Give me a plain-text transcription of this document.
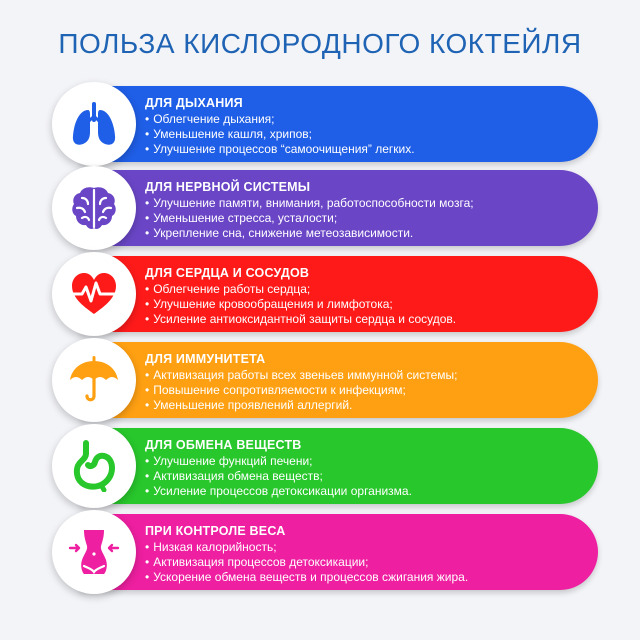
ПОЛЬЗА КИСЛОРОДНОГО КОКТЕЙЛЯ
ДЛЯ ДЫХАНИЯ
• Облегчение дыхания;
• Уменьшение кашля, хрипов;
• Улучшение процессов “самоочищения” легких.
ДЛЯ НЕРВНОЙ СИСТЕМЫ
• Улучшение памяти, внимания, работоспособности мозга;
• Уменьшение стресса, усталости;
• Укрепление сна, снижение метеозависимости.
ДЛЯ СЕРДЦА И СОСУДОВ
• Облегчение работы сердца;
• Улучшение кровообращения и лимфотока;
• Усиление антиоксидантной защиты сердца и сосудов.
ДЛЯ ИММУНИТЕТА
• Активизация работы всех звеньев иммунной системы;
• Повышение сопротивляемости к инфекциям;
• Уменьшение проявлений аллергий.
ДЛЯ ОБМЕНА ВЕЩЕСТВ
• Улучшение функций печени;
• Активизация обмена веществ;
• Усиление процессов детоксикации организма.
ПРИ КОНТРОЛЕ ВЕСА
• Низкая калорийность;
• Активизация процессов детоксикации;
• Ускорение обмена веществ и процессов сжигания жира.
